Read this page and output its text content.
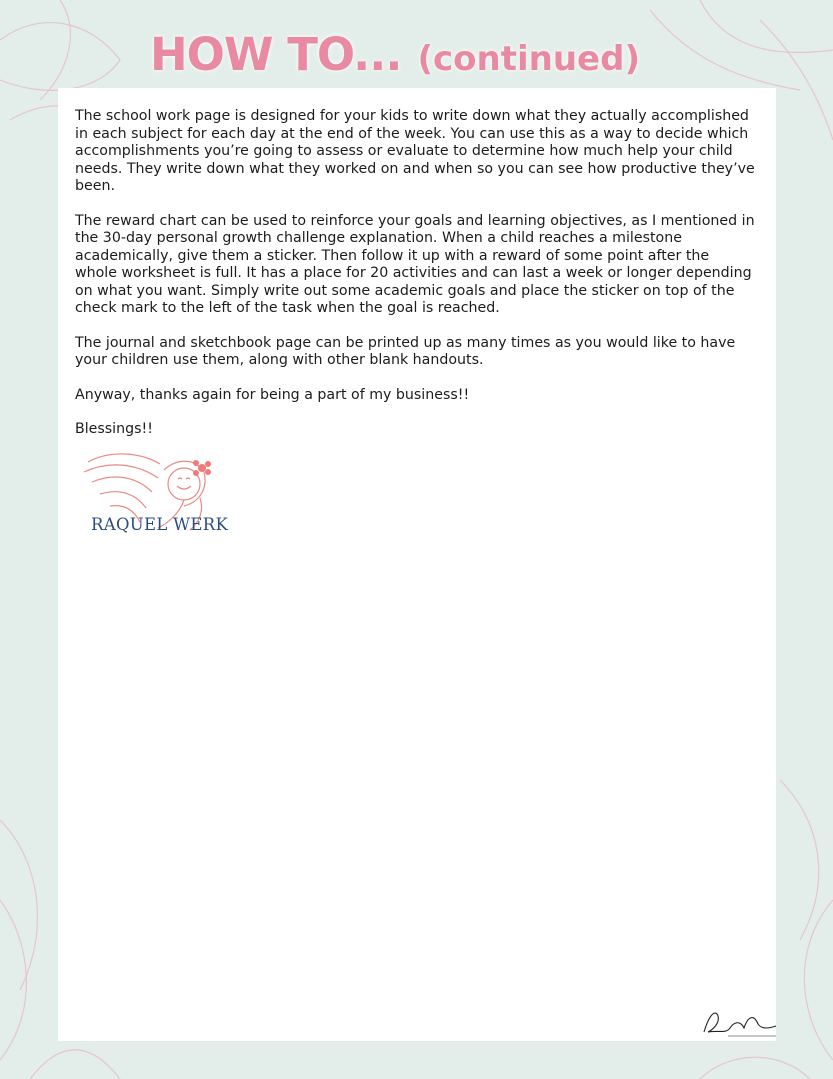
HOW TO... (continued)

The school work page is designed for your kids to write down what they actually accomplished in each subject for each day at the end of the week. You can use this as a way to decide which accomplishments you’re going to assess or evaluate to determine how much help your child needs. They write down what they worked on and when so you can see how productive they’ve been.

The reward chart can be used to reinforce your goals and learning objectives, as I mentioned in the 30-day personal growth challenge explanation. When a child reaches a milestone academically, give them a sticker. Then follow it up with a reward of some point after the whole worksheet is full. It has a place for 20 activities and can last a week or longer depending on what you want. Simply write out some academic goals and place the sticker on top of the check mark to the left of the task when the goal is reached.

The journal and sketchbook page can be printed up as many times as you would like to have your children use them, along with other blank handouts.

Anyway, thanks again for being a part of my business!!

Blessings!!

RAQUEL WERK
